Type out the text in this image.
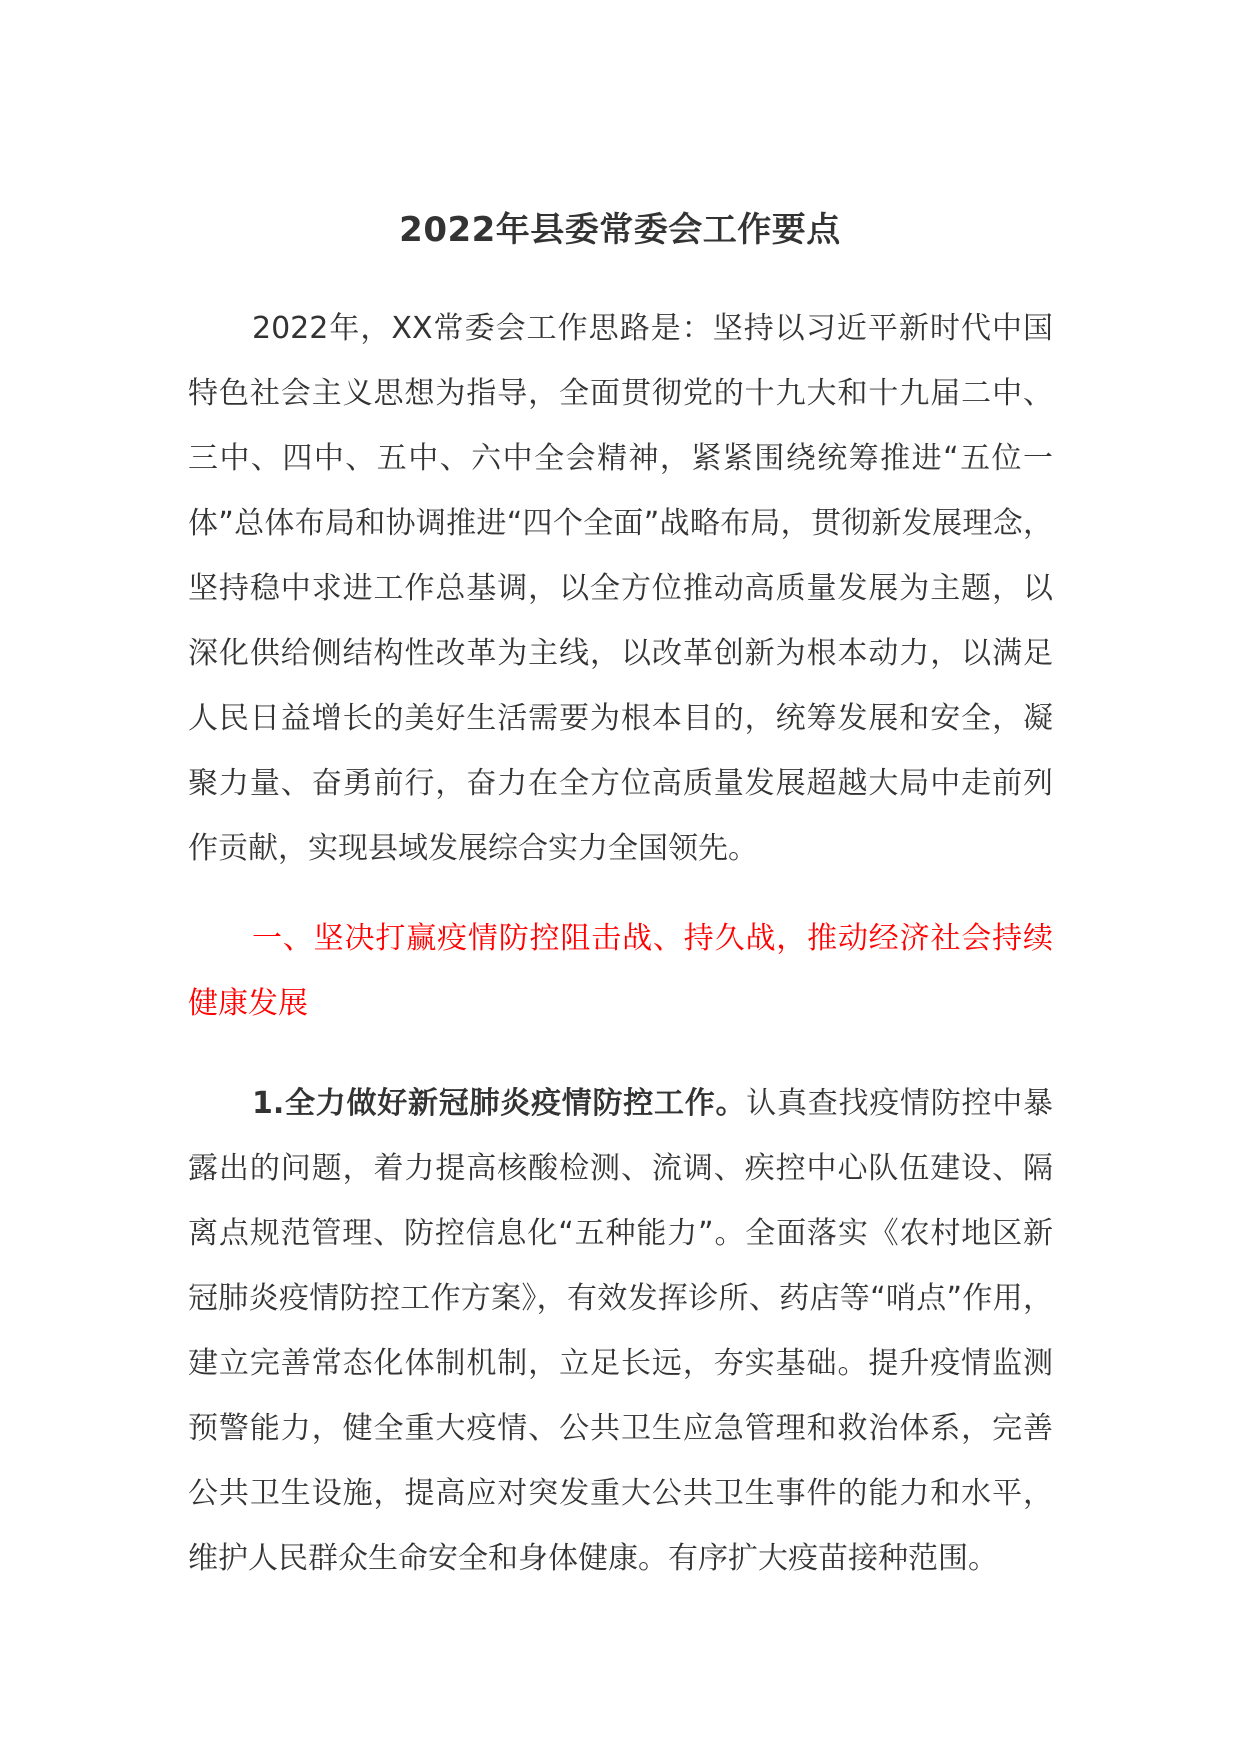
2022年县委常委会工作要点

2022年，XX常委会工作思路是：坚持以习近平新时代中国特色社会主义思想为指导，全面贯彻党的十九大和十九届二中、三中、四中、五中、六中全会精神，紧紧围绕统筹推进“五位一体”总体布局和协调推进“四个全面”战略布局，贯彻新发展理念，坚持稳中求进工作总基调，以全方位推动高质量发展为主题，以深化供给侧结构性改革为主线，以改革创新为根本动力，以满足人民日益增长的美好生活需要为根本目的，统筹发展和安全，凝聚力量、奋勇前行，奋力在全方位高质量发展超越大局中走前列作贡献，实现县域发展综合实力全国领先。

一、坚决打赢疫情防控阻击战、持久战，推动经济社会持续健康发展

1.全力做好新冠肺炎疫情防控工作。认真查找疫情防控中暴露出的问题，着力提高核酸检测、流调、疾控中心队伍建设、隔离点规范管理、防控信息化“五种能力”。全面落实《农村地区新冠肺炎疫情防控工作方案》，有效发挥诊所、药店等“哨点”作用，建立完善常态化体制机制，立足长远，夯实基础。提升疫情监测预警能力，健全重大疫情、公共卫生应急管理和救治体系，完善公共卫生设施，提高应对突发重大公共卫生事件的能力和水平，维护人民群众生命安全和身体健康。有序扩大疫苗接种范围。
